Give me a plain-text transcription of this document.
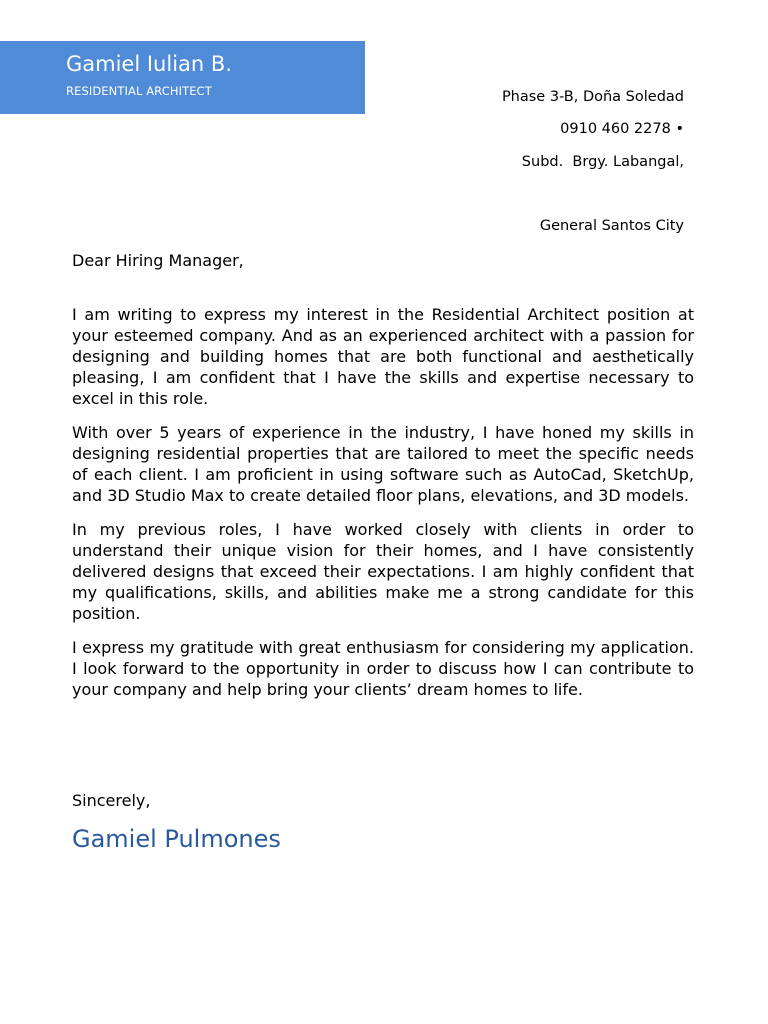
Gamiel Iulian B.
RESIDENTIAL ARCHITECT

	Phase 3-B, Doña Soledad

Subd.  Brgy. Labangal,

General Santos City

0910 460 2278 •
Dear Hiring Manager,

I am writing to express my interest in the Residential Architect position at your esteemed company. And as an experienced architect with a passion for designing and building homes that are both functional and aesthetically pleasing, I am confident that I have the skills and expertise necessary to excel in this role.

With over 5 years of experience in the industry, I have honed my skills in designing residential properties that are tailored to meet the specific needs of each client. I am proficient in using software such as AutoCad, SketchUp, and 3D Studio Max to create detailed floor plans, elevations, and 3D models.

In my previous roles, I have worked closely with clients in order to understand their unique vision for their homes, and I have consistently delivered designs that exceed their expectations. I am highly confident that my qualifications, skills, and abilities make me a strong candidate for this position.

I express my gratitude with great enthusiasm for considering my application. I look forward to the opportunity in order to discuss how I can contribute to your company and help bring your clients’ dream homes to life.

Sincerely,
Gamiel Pulmones
